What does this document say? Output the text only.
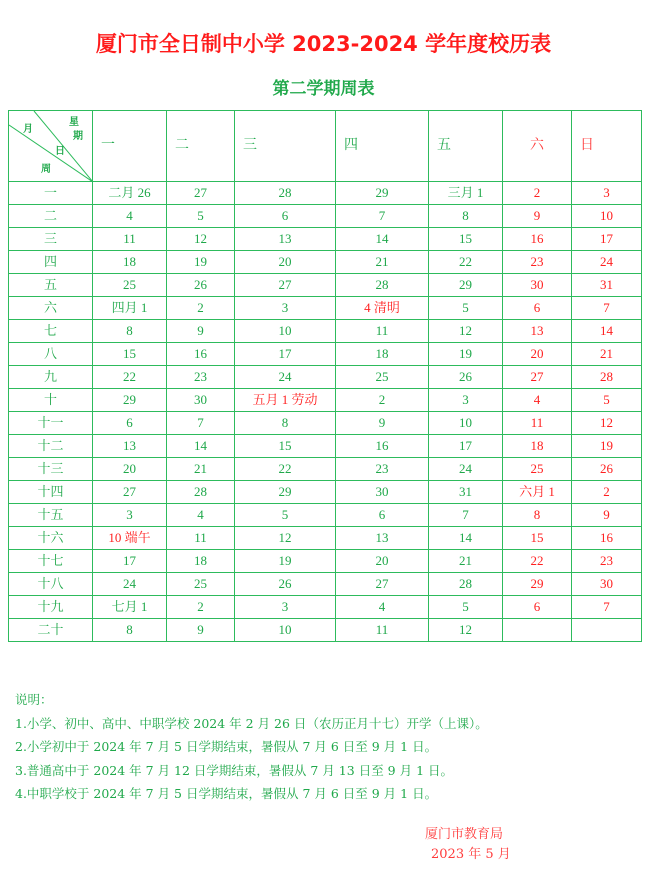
厦门市全日制中小学 2023-2024 学年度校历表
第二学期周表
月
星
期
日
周	一	二	三	四	五	六	日
一	二月 26	27	28	29	三月 1	2	3
二	4	5	6	7	8	9	10
三	11	12	13	14	15	16	17
四	18	19	20	21	22	23	24
五	25	26	27	28	29	30	31
六	四月 1	2	3	4 清明	5	6	7
七	8	9	10	11	12	13	14
八	15	16	17	18	19	20	21
九	22	23	24	25	26	27	28
十	29	30	五月 1 劳动	2	3	4	5
十一	6	7	8	9	10	11	12
十二	13	14	15	16	17	18	19
十三	20	21	22	23	24	25	26
十四	27	28	29	30	31	六月 1	2
十五	3	4	5	6	7	8	9
十六	10 端午	11	12	13	14	15	16
十七	17	18	19	20	21	22	23
十八	24	25	26	27	28	29	30
十九	七月 1	2	3	4	5	6	7
二十	8	9	10	11	12		
说明：
1.小学、初中、高中、中职学校 2024 年 2 月 26 日（农历正月十七）开学（上课）。
2.小学初中于 2024 年 7 月 5 日学期结束，暑假从 7 月 6 日至 9 月 1 日。
3.普通高中于 2024 年 7 月 12 日学期结束，暑假从 7 月 13 日至 9 月 1 日。
4.中职学校于 2024 年 7 月 5 日学期结束，暑假从 7 月 6 日至 9 月 1 日。
厦门市教育局
2023 年 5 月
